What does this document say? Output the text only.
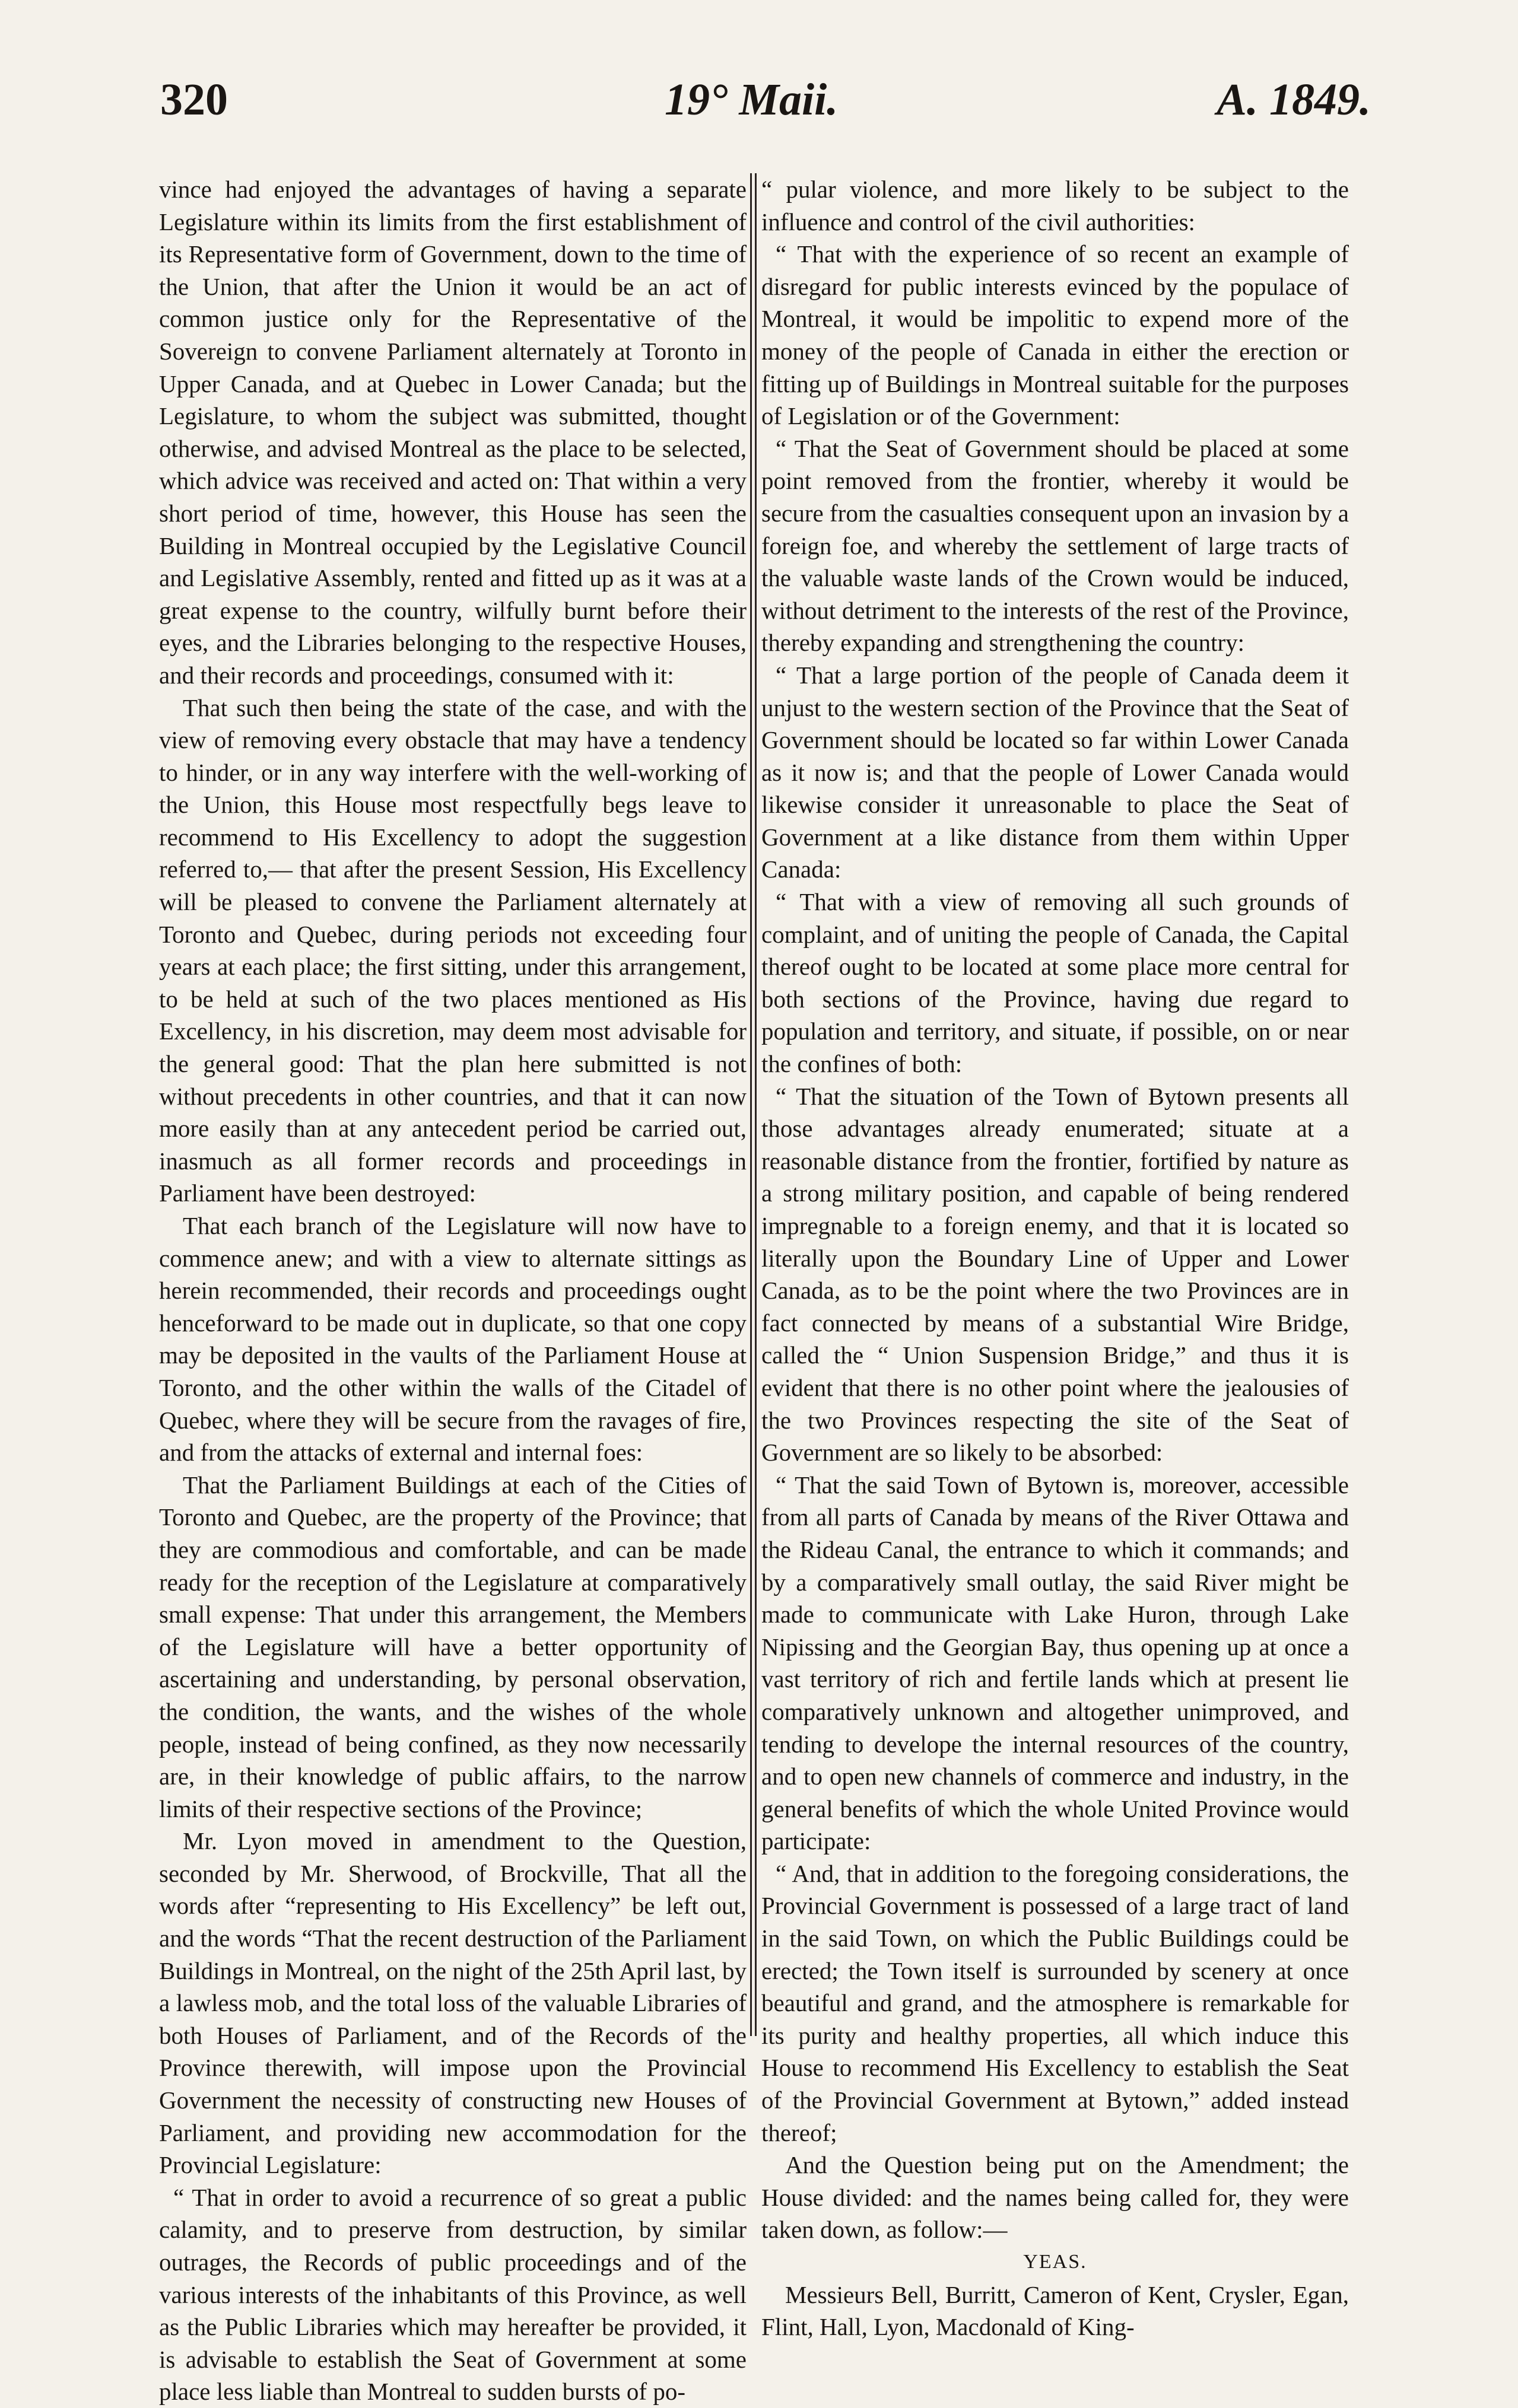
320	19° Maii.	A. 1849.

vince had enjoyed the advantages of having a separate Legislature within its limits from the first establishment of its Representative form of Government, down to the time of the Union, that after the Union it would be an act of common justice only for the Representative of the Sovereign to convene Parliament alternately at Toronto in Upper Canada, and at Quebec in Lower Canada; but the Legislature, to whom the subject was submitted, thought otherwise, and advised Montreal as the place to be selected, which advice was received and acted on: That within a very short period of time, however, this House has seen the Building in Montreal occupied by the Legislative Council and Legislative Assembly, rented and fitted up as it was at a great expense to the country, wilfully burnt before their eyes, and the Libraries belonging to the respective Houses, and their records and proceedings, consumed with it:

That such then being the state of the case, and with the view of removing every obstacle that may have a tendency to hinder, or in any way interfere with the well-working of the Union, this House most respectfully begs leave to recommend to His Excellency to adopt the suggestion referred to,— that after the present Session, His Excellency will be pleased to convene the Parliament alternately at Toronto and Quebec, during periods not exceeding four years at each place; the first sitting, under this arrangement, to be held at such of the two places mentioned as His Excellency, in his discretion, may deem most advisable for the general good: That the plan here submitted is not without precedents in other countries, and that it can now more easily than at any antecedent period be carried out, inasmuch as all former records and proceedings in Parliament have been destroyed:

That each branch of the Legislature will now have to commence anew; and with a view to alternate sittings as herein recommended, their records and proceedings ought henceforward to be made out in duplicate, so that one copy may be deposited in the vaults of the Parliament House at Toronto, and the other within the walls of the Citadel of Quebec, where they will be secure from the ravages of fire, and from the attacks of external and internal foes:

That the Parliament Buildings at each of the Cities of Toronto and Quebec, are the property of the Province; that they are commodious and comfortable, and can be made ready for the reception of the Legislature at comparatively small expense: That under this arrangement, the Members of the Legislature will have a better opportunity of ascertaining and understanding, by personal observation, the condition, the wants, and the wishes of the whole people, instead of being confined, as they now necessarily are, in their knowledge of public affairs, to the narrow limits of their respective sections of the Province;

Mr. Lyon moved in amendment to the Question, seconded by Mr. Sherwood, of Brockville, That all the words after “representing to His Excellency” be left out, and the words “That the recent destruction of the Parliament Buildings in Montreal, on the night of the 25th April last, by a lawless mob, and the total loss of the valuable Libraries of both Houses of Parliament, and of the Records of the Province therewith, will impose upon the Provincial Government the necessity of constructing new Houses of Parliament, and providing new accommodation for the Provincial Legislature:

“ That in order to avoid a recurrence of so great a public calamity, and to preserve from destruction, by similar outrages, the Records of public proceedings and of the various interests of the inhabitants of this Province, as well as the Public Libraries which may hereafter be provided, it is advisable to establish the Seat of Government at some place less liable than Montreal to sudden bursts of po-

“ pular violence, and more likely to be subject to the influence and control of the civil authorities:

“ That with the experience of so recent an example of disregard for public interests evinced by the populace of Montreal, it would be impolitic to expend more of the money of the people of Canada in either the erection or fitting up of Buildings in Montreal suitable for the purposes of Legislation or of the Government:

“ That the Seat of Government should be placed at some point removed from the frontier, whereby it would be secure from the casualties consequent upon an invasion by a foreign foe, and whereby the settlement of large tracts of the valuable waste lands of the Crown would be induced, without detriment to the interests of the rest of the Province, thereby expanding and strengthening the country:

“ That a large portion of the people of Canada deem it unjust to the western section of the Province that the Seat of Government should be located so far within Lower Canada as it now is; and that the people of Lower Canada would likewise consider it unreasonable to place the Seat of Government at a like distance from them within Upper Canada:

“ That with a view of removing all such grounds of complaint, and of uniting the people of Canada, the Capital thereof ought to be located at some place more central for both sections of the Province, having due regard to population and territory, and situate, if possible, on or near the confines of both:

“ That the situation of the Town of Bytown presents all those advantages already enumerated; situate at a reasonable distance from the frontier, fortified by nature as a strong military position, and capable of being rendered impregnable to a foreign enemy, and that it is located so literally upon the Boundary Line of Upper and Lower Canada, as to be the point where the two Provinces are in fact connected by means of a substantial Wire Bridge, called the “ Union Suspension Bridge,” and thus it is evident that there is no other point where the jealousies of the two Provinces respecting the site of the Seat of Government are so likely to be absorbed:

“ That the said Town of Bytown is, moreover, accessible from all parts of Canada by means of the River Ottawa and the Rideau Canal, the entrance to which it commands; and by a comparatively small outlay, the said River might be made to communicate with Lake Huron, through Lake Nipissing and the Georgian Bay, thus opening up at once a vast territory of rich and fertile lands which at present lie comparatively unknown and altogether unimproved, and tending to develope the internal resources of the country, and to open new channels of commerce and industry, in the general benefits of which the whole United Province would participate:

“ And, that in addition to the foregoing considerations, the Provincial Government is possessed of a large tract of land in the said Town, on which the Public Buildings could be erected; the Town itself is surrounded by scenery at once beautiful and grand, and the atmosphere is remarkable for its purity and healthy properties, all which induce this House to recommend His Excellency to establish the Seat of the Provincial Government at Bytown,” added instead thereof;

And the Question being put on the Amendment; the House divided: and the names being called for, they were taken down, as follow:—

YEAS.

Messieurs Bell, Burritt, Cameron of Kent, Crysler, Egan, Flint, Hall, Lyon, Macdonald of King-
